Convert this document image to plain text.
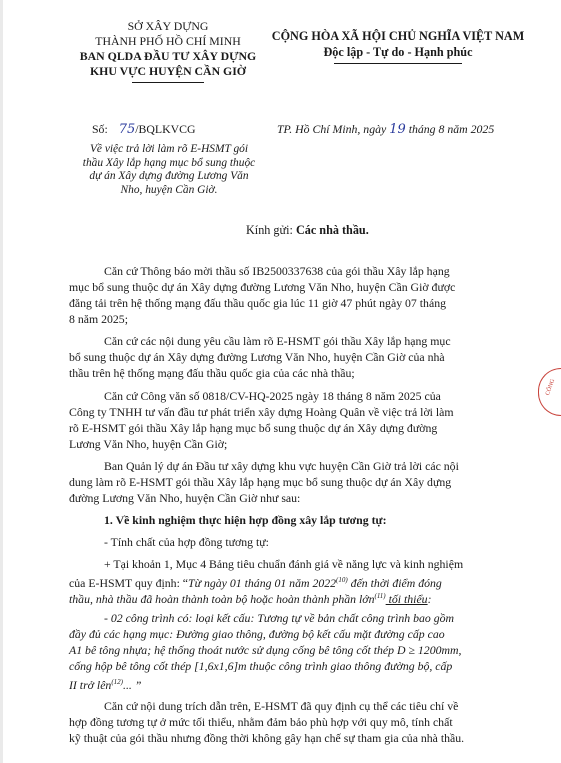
SỞ XÂY DỰNG
THÀNH PHỐ HỒ CHÍ MINH
BAN QLDA ĐẦU TƯ XÂY DỰNG
KHU VỰC HUYỆN CẦN GIỜ
CỘNG HÒA XÃ HỘI CHỦ NGHĨA VIỆT NAM
Độc lập - Tự do - Hạnh phúc
Số: 75/BQLKVCG	TP. Hồ Chí Minh, ngày 19 tháng 8 năm 2025
Về việc trả lời làm rõ E-HSMT gói
thầu Xây lắp hạng mục bổ sung thuộc
dự án Xây dựng đường Lương Văn
Nho, huyện Cần Giờ.
Kính gửi: Các nhà thầu.
Căn cứ Thông báo mời thầu số IB2500337638 của gói thầu Xây lắp hạng
mục bổ sung thuộc dự án Xây dựng đường Lương Văn Nho, huyện Cần Giờ được
đăng tải trên hệ thống mạng đấu thầu quốc gia lúc 11 giờ 47 phút ngày 07 tháng
8 năm 2025;
Căn cứ các nội dung yêu cầu làm rõ E-HSMT gói thầu Xây lắp hạng mục
bổ sung thuộc dự án Xây dựng đường Lương Văn Nho, huyện Cần Giờ của nhà
thầu trên hệ thống mạng đấu thầu quốc gia của các nhà thầu;
Căn cứ Công văn số 0818/CV-HQ-2025 ngày 18 tháng 8 năm 2025 của
Công ty TNHH tư vấn đầu tư phát triển xây dựng Hoàng Quân về việc trả lời làm
rõ E-HSMT gói thầu Xây lắp hạng mục bổ sung thuộc dự án Xây dựng đường
Lương Văn Nho, huyện Cần Giờ;
Ban Quản lý dự án Đầu tư xây dựng khu vực huyện Cần Giờ trả lời các nội
dung làm rõ E-HSMT gói thầu Xây lắp hạng mục bổ sung thuộc dự án Xây dựng
đường Lương Văn Nho, huyện Cần Giờ như sau:
1. Về kinh nghiệm thực hiện hợp đồng xây lắp tương tự:
- Tính chất của hợp đồng tương tự:
+ Tại khoản 1, Mục 4 Bảng tiêu chuẩn đánh giá về năng lực và kinh nghiệm
của E-HSMT quy định: “Từ ngày 01 tháng 01 năm 2022$^{(10)}$ đến thời điểm đóng
thầu, nhà thầu đã hoàn thành toàn bộ hoặc hoàn thành phần lớn$^{(11)}$ tối thiểu:
- 02 công trình có: loại kết cấu: Tương tự về bản chất công trình bao gồm
đầy đủ các hạng mục: Đường giao thông, đường bộ kết cấu mặt đường cấp cao
A1 bê tông nhựa; hệ thống thoát nước sử dụng cống bê tông cốt thép D ≥ 1200mm,
cống hộp bê tông cốt thép [1,6x1,6]m thuộc công trình giao thông đường bộ, cấp
II trở lên$^{(12)}$... ”
Căn cứ nội dung trích dẫn trên, E-HSMT đã quy định cụ thể các tiêu chí về
hợp đồng tương tự ở mức tối thiểu, nhằm đảm bảo phù hợp với quy mô, tính chất
kỹ thuật của gói thầu nhưng đồng thời không gây hạn chế sự tham gia của nhà thầu.
CÔNG
